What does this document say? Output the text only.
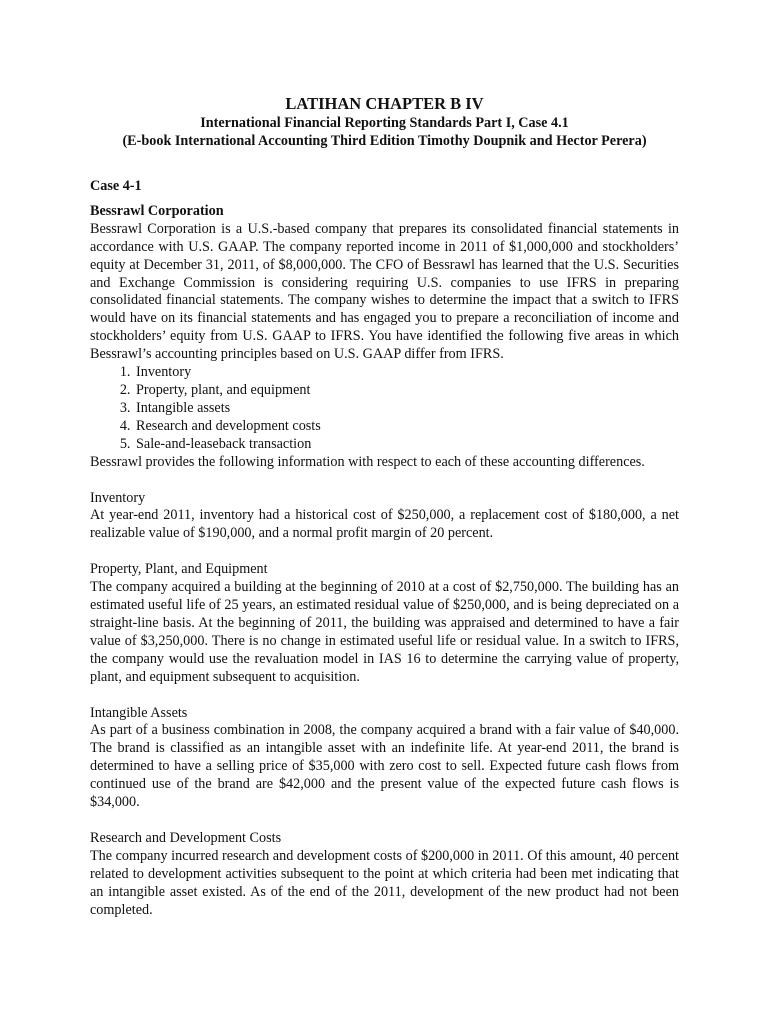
LATIHAN CHAPTER B IV
International Financial Reporting Standards Part I, Case 4.1
(E-book International Accounting Third Edition Timothy Doupnik and Hector Perera)
Case 4-1
Bessrawl Corporation

Bessrawl Corporation is a U.S.-based company that prepares its consolidated financial statements in accordance with U.S. GAAP. The company reported income in 2011 of $1,000,000 and stockholders’ equity at December 31, 2011, of $8,000,000. The CFO of Bessrawl has learned that the U.S. Securities and Exchange Commission is considering requiring U.S. companies to use IFRS in preparing consolidated financial statements. The company wishes to determine the impact that a switch to IFRS would have on its financial statements and has engaged you to prepare a reconciliation of income and stockholders’ equity from U.S. GAAP to IFRS. You have identified the following five areas in which Bessrawl’s accounting principles based on U.S. GAAP differ from IFRS.

1. Inventory
2. Property, plant, and equipment
3. Intangible assets
4. Research and development costs
5. Sale-and-leaseback transaction

Bessrawl provides the following information with respect to each of these accounting differences.

Inventory

At year-end 2011, inventory had a historical cost of $250,000, a replacement cost of $180,000, a net realizable value of $190,000, and a normal profit margin of 20 percent.

Property, Plant, and Equipment

The company acquired a building at the beginning of 2010 at a cost of $2,750,000. The building has an estimated useful life of 25 years, an estimated residual value of $250,000, and is being depreciated on a straight-line basis. At the beginning of 2011, the building was appraised and determined to have a fair value of $3,250,000. There is no change in estimated useful life or residual value. In a switch to IFRS, the company would use the revaluation model in IAS 16 to determine the carrying value of property, plant, and equipment subsequent to acquisition.

Intangible Assets

As part of a business combination in 2008, the company acquired a brand with a fair value of $40,000. The brand is classified as an intangible asset with an indefinite life. At year-end 2011, the brand is determined to have a selling price of $35,000 with zero cost to sell. Expected future cash flows from continued use of the brand are $42,000 and the present value of the expected future cash flows is $34,000.

Research and Development Costs

The company incurred research and development costs of $200,000 in 2011. Of this amount, 40 percent related to development activities subsequent to the point at which criteria had been met indicating that an intangible asset existed. As of the end of the 2011, development of the new product had not been completed.
